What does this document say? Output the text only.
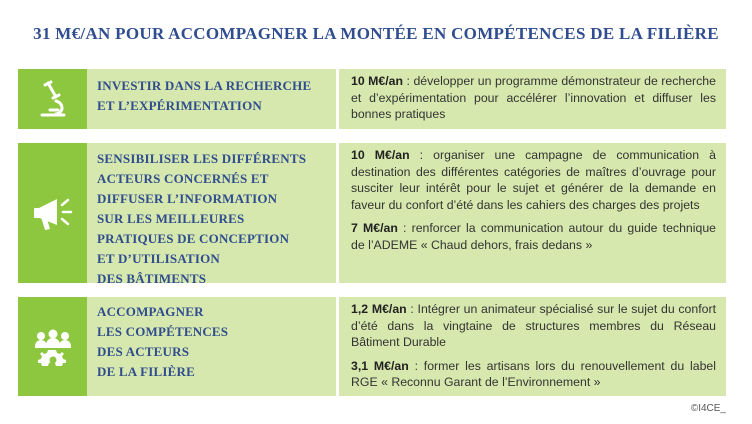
31 M€/AN POUR ACCOMPAGNER LA MONTÉE EN COMPÉTENCES DE LA FILIÈRE
INVESTIR DANS LA RECHERCHE
ET L’EXPÉRIMENTATION

10 M€/an : développer un programme démonstrateur de recherche et d’expérimentation pour accélérer l’innovation et diffuser les bonnes pratiques

SENSIBILISER LES DIFFÉRENTS
ACTEURS CONCERNÉS ET
DIFFUSER L’INFORMATION
SUR LES MEILLEURES
PRATIQUES DE CONCEPTION
ET D’UTILISATION
DES BÂTIMENTS

10 M€/an : organiser une campagne de communication à destination des différentes catégories de maîtres d’ouvrage pour susciter leur intérêt pour le sujet et générer de la demande en faveur du confort d’été dans les cahiers des charges des projets

7 M€/an : renforcer la communication autour du guide technique de l’ADEME « Chaud dehors, frais dedans »

ACCOMPAGNER
LES COMPÉTENCES
DES ACTEURS
DE LA FILIÈRE

1,2 M€/an : Intégrer un animateur spécialisé sur le sujet du confort d’été dans la vingtaine de structures membres du Réseau Bâtiment Durable

3,1 M€/an : former les artisans lors du renouvellement du label RGE « Reconnu Garant de l’Environnement »

©I4CE_
